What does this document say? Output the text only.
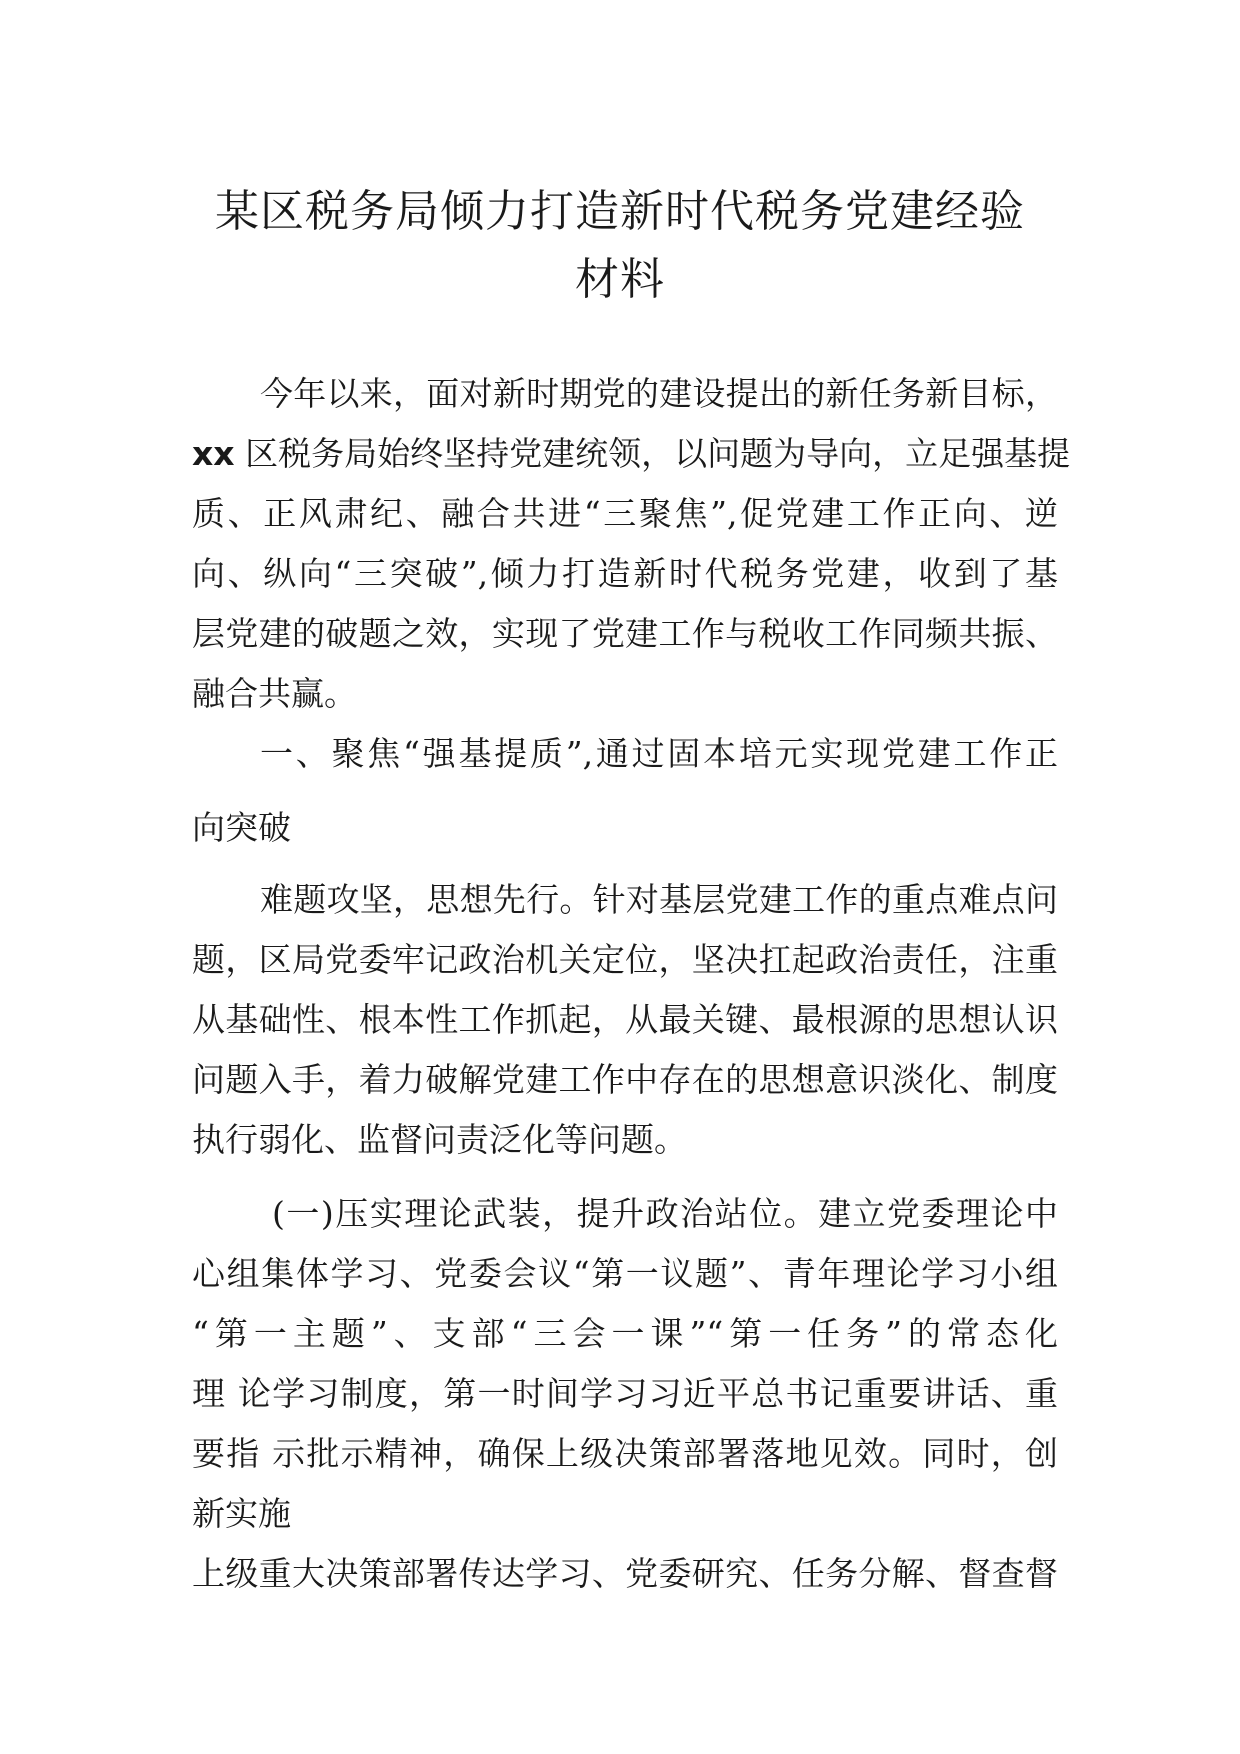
某区税务局倾力打造新时代税务党建经验
材料
今年以来，面对新时期党的建设提出的新任务新目标，
xx 区税务局始终坚持党建统领，以问题为导向，立足强基提
质、正风肃纪、融合共进“三聚焦”,促党建工作正向、逆
向、纵向“三突破”,倾力打造新时代税务党建，收到了基
层党建的破题之效，实现了党建工作与税收工作同频共振、
融合共赢。
一、聚焦“强基提质”,通过固本培元实现党建工作正
向突破
难题攻坚，思想先行。针对基层党建工作的重点难点问
题，区局党委牢记政治机关定位，坚决扛起政治责任，注重
从基础性、根本性工作抓起，从最关键、最根源的思想认识
问题入手，着力破解党建工作中存在的思想意识淡化、制度
执行弱化、监督问责泛化等问题。
(一)压实理论武装，提升政治站位。建立党委理论中
心组集体学习、党委会议“第一议题”、青年理论学习小组
“第一主题”、支部“三会一课”“第一任务”的常态化
理 论学习制度，第一时间学习习近平总书记重要讲话、重
要指 示批示精神，确保上级决策部署落地见效。同时，创
新实施
上级重大决策部署传达学习、党委研究、任务分解、督查督
